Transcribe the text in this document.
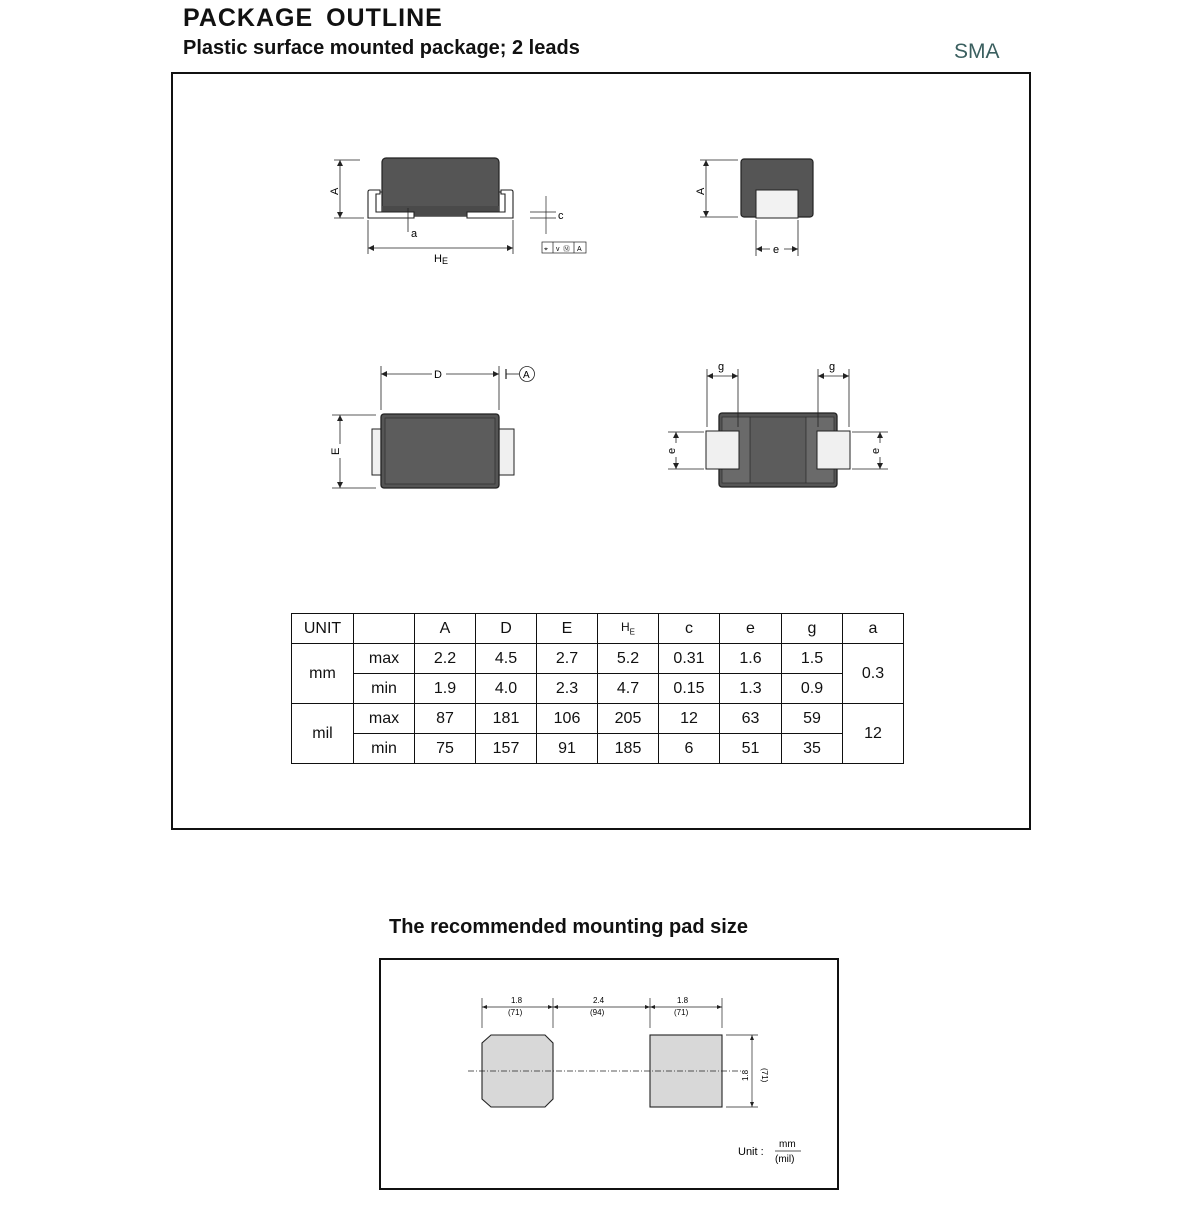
PACKAGE OUTLINE
Plastic surface mounted package; 2 leads	SMA
A
a
c
HE
⌖ v Ⓜ A
A
e
D	A
E
g	g
e	e
UNIT		A	D	E	$H_E$	c	e	g	a
mm	max	2.2	4.5	2.7	5.2	0.31	1.6	1.5	0.3
	min	1.9	4.0	2.3	4.7	0.15	1.3	0.9	
mil	max	87	181	106	205	12	63	59	12
	min	75	157	91	185	6	51	35	
The recommended mounting pad size
1.8
(71)
2.4
(94)
1.8
(71)
1.8 (71)
Unit :
mm
(mil)
